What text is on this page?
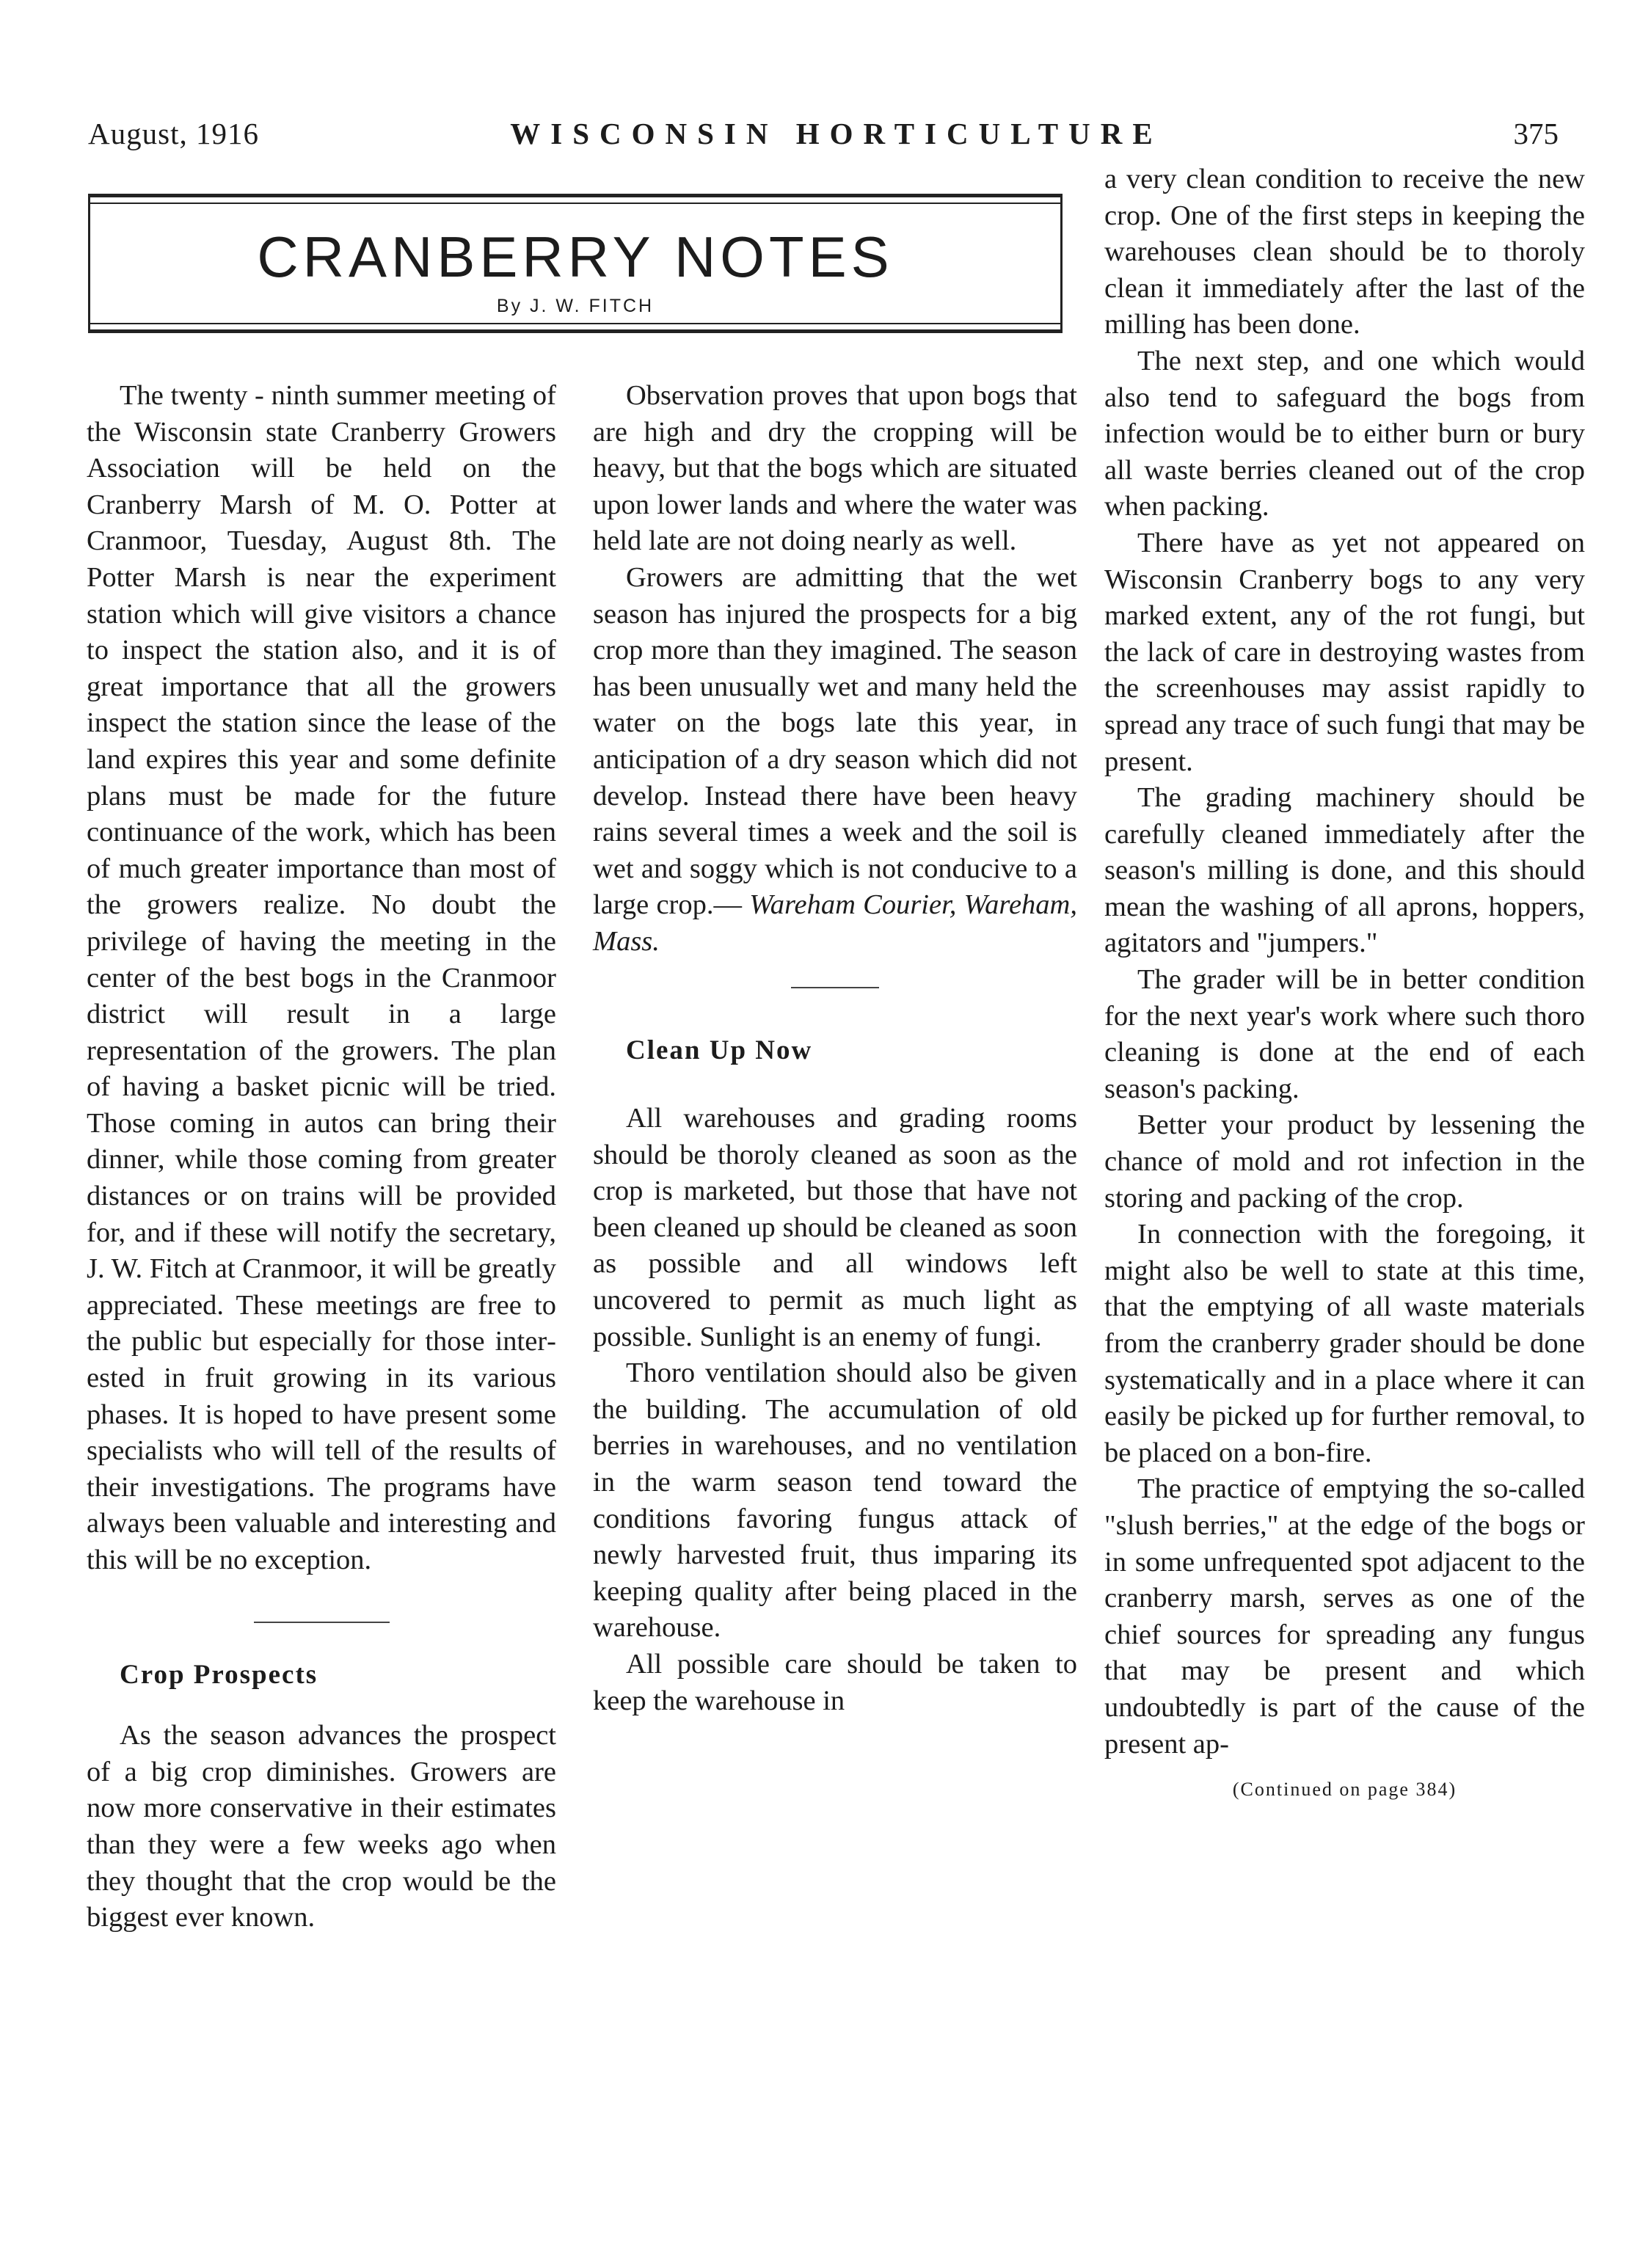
August, 1916	WISCONSIN HORTICULTURE	375
CRANBERRY NOTES
By J. W. FITCH

The twenty - ninth summer meeting of the Wisconsin state Cranberry Growers Association will be held on the Cranberry Marsh of M. O. Potter at Cranmoor, Tuesday, August 8th. The Potter Marsh is near the experiment station which will give visitors a chance to inspect the station also, and it is of great importance that all the growers inspect the station since the lease of the land expires this year and some definite plans must be made for the future continuance of the work, which has been of much greater importance than most of the growers realize. No doubt the privilege of having the meeting in the center of the best bogs in the Cranmoor district will result in a large representation of the growers. The plan of having a basket picnic will be tried. Those coming in autos can bring their dinner, while those coming from greater distances or on trains will be provided for, and if these will notify the secretary, J. W. Fitch at Cranmoor, it will be greatly appreciated. These meetings are free to the public but especially for those interested in fruit growing in its various phases. It is hoped to have present some specialists who will tell of the results of their investigations. The programs have always been valuable and interesting and this will be no exception.

Crop Prospects

As the season advances the prospect of a big crop diminishes. Growers are now more conservative in their estimates than they were a few weeks ago when they thought that the crop would be the biggest ever known.

Observation proves that upon bogs that are high and dry the cropping will be heavy, but that the bogs which are situated upon lower lands and where the water was held late are not doing nearly as well.

Growers are admitting that the wet season has injured the prospects for a big crop more than they imagined. The season has been unusually wet and many held the water on the bogs late this year, in anticipation of a dry season which did not develop. Instead there have been heavy rains several times a week and the soil is wet and soggy which is not conducive to a large crop.— Wareham Courier, Wareham, Mass.

Clean Up Now

All warehouses and grading rooms should be thoroly cleaned as soon as the crop is marketed, but those that have not been cleaned up should be cleaned as soon as possible and all windows left uncovered to permit as much light as possible. Sunlight is an enemy of fungi.

Thoro ventilation should also be given the building. The accumulation of old berries in warehouses, and no ventilation in the warm season tend toward the conditions favoring fungus attack of newly harvested fruit, thus imparing its keeping quality after being placed in the warehouse.

All possible care should be taken to keep the warehouse in

a very clean condition to receive the new crop. One of the first steps in keeping the warehouses clean should be to thoroly clean it immediately after the last of the milling has been done.

The next step, and one which would also tend to safeguard the bogs from infection would be to either burn or bury all waste berries cleaned out of the crop when packing.

There have as yet not appeared on Wisconsin Cranberry bogs to any very marked extent, any of the rot fungi, but the lack of care in destroying wastes from the screenhouses may assist rapidly to spread any trace of such fungi that may be present.

The grading machinery should be carefully cleaned immediately after the season's milling is done, and this should mean the washing of all aprons, hoppers, agitators and "jumpers."

The grader will be in better condition for the next year's work where such thoro cleaning is done at the end of each season's packing.

Better your product by lessening the chance of mold and rot infection in the storing and packing of the crop.

In connection with the foregoing, it might also be well to state at this time, that the emptying of all waste materials from the cranberry grader should be done systematically and in a place where it can easily be picked up for further removal, to be placed on a bon-fire.

The practice of emptying the so-called "slush berries," at the edge of the bogs or in some unfrequented spot adjacent to the cranberry marsh, serves as one of the chief sources for spreading any fungus that may be present and which undoubtedly is part of the cause of the present ap-

(Continued on page 384)
